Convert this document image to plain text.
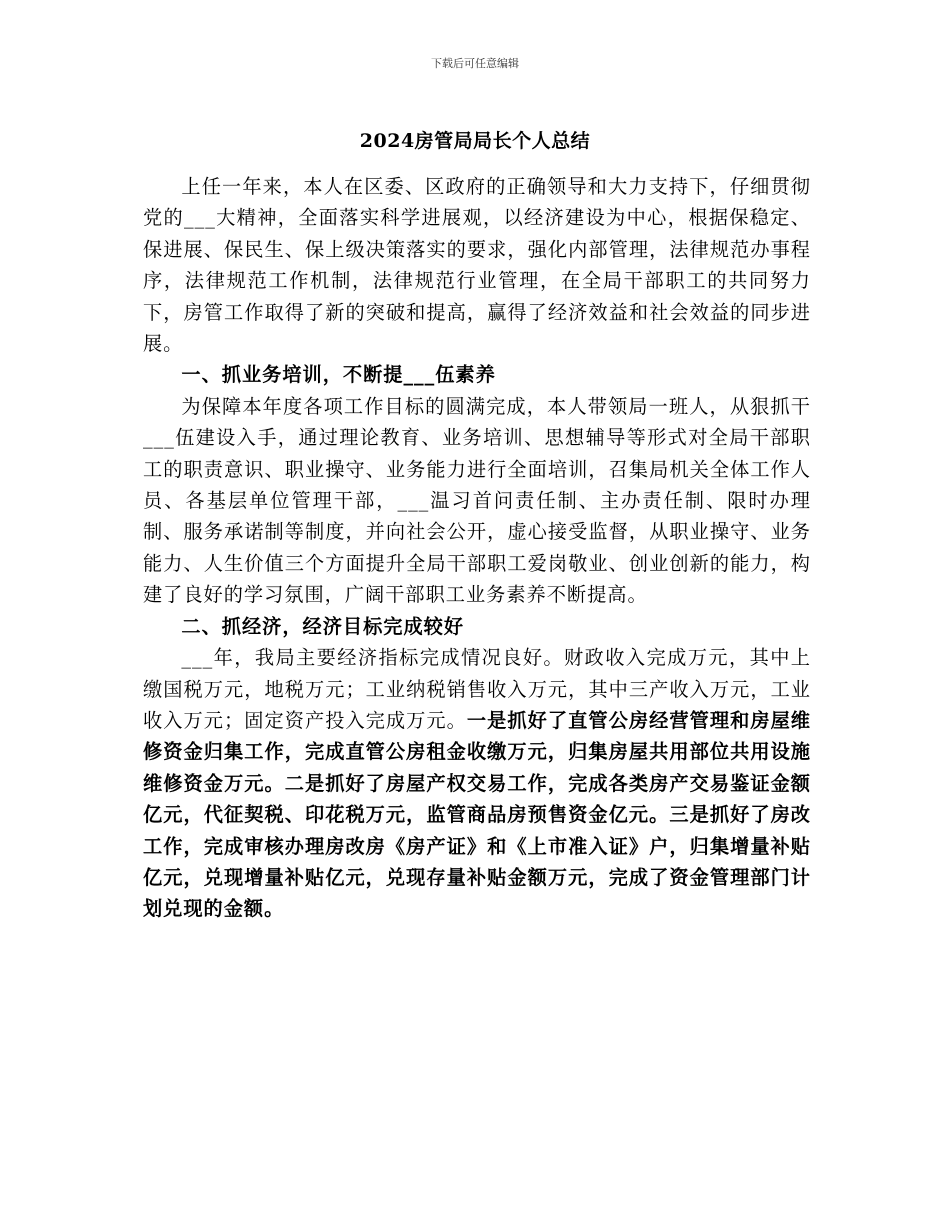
下载后可任意编辑
2024房管局局长个人总结

上任一年来，本人在区委、区政府的正确领导和大力支持下，仔细贯彻党的___大精神，全面落实科学进展观，以经济建设为中心，根据保稳定、保进展、保民生、保上级决策落实的要求，强化内部管理，法律规范办事程序，法律规范工作机制，法律规范行业管理，在全局干部职工的共同努力下，房管工作取得了新的突破和提高，赢得了经济效益和社会效益的同步进展。

一、抓业务培训，不断提___伍素养

为保障本年度各项工作目标的圆满完成，本人带领局一班人，从狠抓干___伍建设入手，通过理论教育、业务培训、思想辅导等形式对全局干部职工的职责意识、职业操守、业务能力进行全面培训，召集局机关全体工作人员、各基层单位管理干部，___温习首问责任制、主办责任制、限时办理制、服务承诺制等制度，并向社会公开，虚心接受监督，从职业操守、业务能力、人生价值三个方面提升全局干部职工爱岗敬业、创业创新的能力，构建了良好的学习氛围，广阔干部职工业务素养不断提高。

二、抓经济，经济目标完成较好

___年，我局主要经济指标完成情况良好。财政收入完成万元，其中上缴国税万元，地税万元；工业纳税销售收入万元，其中三产收入万元，工业收入万元；固定资产投入完成万元。一是抓好了直管公房经营管理和房屋维修资金归集工作，完成直管公房租金收缴万元，归集房屋共用部位共用设施维修资金万元。二是抓好了房屋产权交易工作，完成各类房产交易鉴证金额亿元，代征契税、印花税万元，监管商品房预售资金亿元。三是抓好了房改工作，完成审核办理房改房《房产证》和《上市准入证》户，归集增量补贴亿元，兑现增量补贴亿元，兑现存量补贴金额万元，完成了资金管理部门计划兑现的金额。
